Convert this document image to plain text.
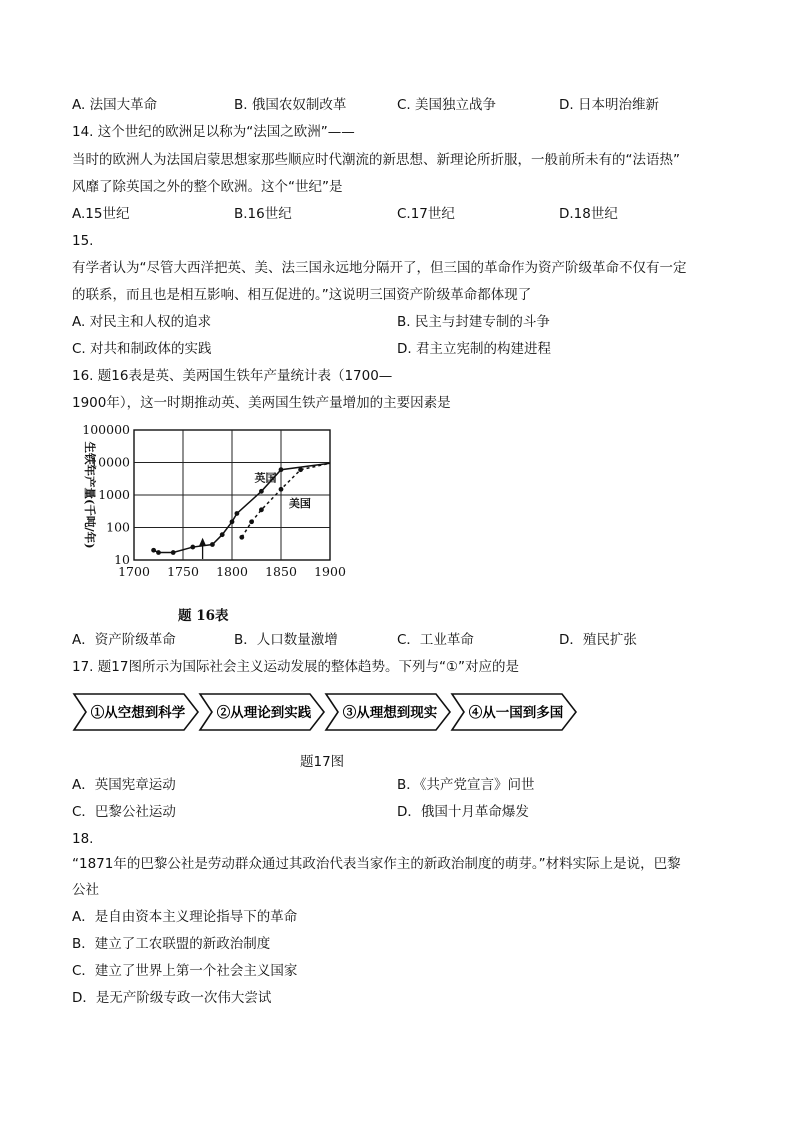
A. 法国大革命	B. 俄国农奴制改革	C. 美国独立战争	D. 日本明治维新
14. 这个世纪的欧洲足以称为“法国之欧洲”——
当时的欧洲人为法国启蒙思想家那些顺应时代潮流的新思想、新理论所折服，一般前所未有的“法语热”
风靡了除英国之外的整个欧洲。这个“世纪”是
A.15世纪	B.16世纪	C.17世纪	D.18世纪
15.
有学者认为“尽管大西洋把英、美、法三国永远地分隔开了，但三国的革命作为资产阶级革命不仅有一定
的联系，而且也是相互影响、相互促进的。”这说明三国资产阶级革命都体现了
A. 对民主和人权的追求	B. 民主与封建专制的斗争
C. 对共和制政体的实践	D. 君主立宪制的构建进程
16. 题16表是英、美两国生铁年产量统计表（1700—
1900年），这一时期推动英、美两国生铁产量增加的主要因素是
1700 1750 1800 1850 1900
100000
10000
1000
100
10
生铁年产量(千吨/年)	英国
美国
题 16表
A．资产阶级革命	B．人口数量激增	C．工业革命	D．殖民扩张
17. 题17图所示为国际社会主义运动发展的整体趋势。下列与“①”对应的是
①从空想到科学 ②从理论到实践 ③从理想到现实 ④从一国到多国
题17图
A．英国宪章运动	B．《共产党宣言》问世
C．巴黎公社运动	D．俄国十月革命爆发
18.
“1871年的巴黎公社是劳动群众通过其政治代表当家作主的新政治制度的萌芽。”材料实际上是说，巴黎
公社
A．是自由资本主义理论指导下的革命
B．建立了工农联盟的新政治制度
C．建立了世界上第一个社会主义国家
D．是无产阶级专政一次伟大尝试
